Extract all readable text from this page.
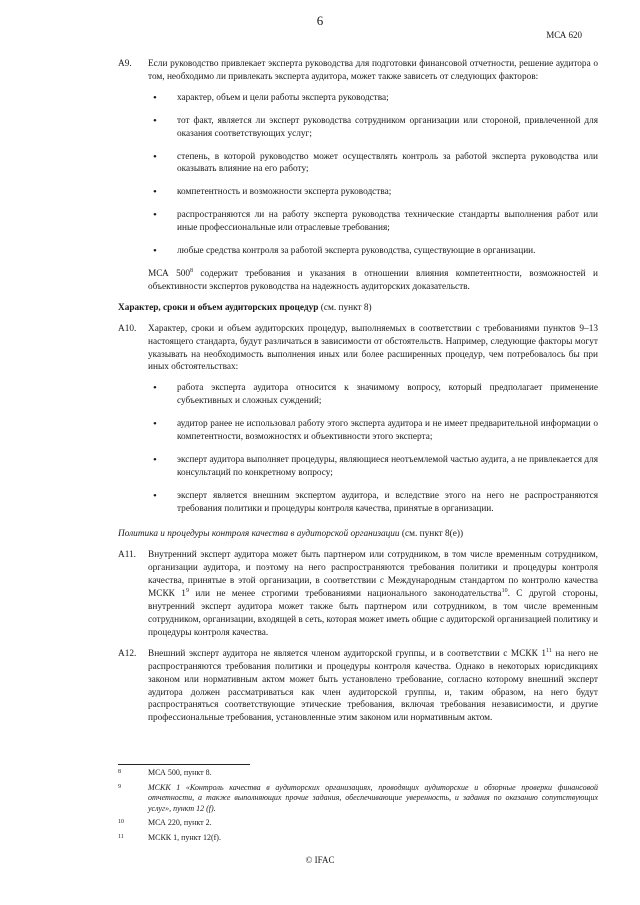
6
МСА 620
A9. Если руководство привлекает эксперта руководства для подготовки финансовой отчетности, решение аудитора о том, необходимо ли привлекать эксперта аудитора, может также зависеть от следующих факторов:

• характер, объем и цели работы эксперта руководства;
• тот факт, является ли эксперт руководства сотрудником организации или стороной, привлеченной для оказания соответствующих услуг;
• степень, в которой руководство может осуществлять контроль за работой эксперта руководства или оказывать влияние на его работу;
• компетентность и возможности эксперта руководства;
• распространяются ли на работу эксперта руководства технические стандарты выполнения работ или иные профессиональные или отраслевые требования;
• любые средства контроля за работой эксперта руководства, существующие в организации.

МСА $500^8$ содержит требования и указания в отношении влияния компетентности, возможностей и объективности экспертов руководства на надежность аудиторских доказательств.

Характер, сроки и объем аудиторских процедур (см. пункт 8)

A10. Характер, сроки и объем аудиторских процедур, выполняемых в соответствии с требованиями пунктов 9–13 настоящего стандарта, будут различаться в зависимости от обстоятельств. Например, следующие факторы могут указывать на необходимость выполнения иных или более расширенных процедур, чем потребовалось бы при иных обстоятельствах:

• работа эксперта аудитора относится к значимому вопросу, который предполагает применение субъективных и сложных суждений;
• аудитор ранее не использовал работу этого эксперта аудитора и не имеет предварительной информации о компетентности, возможностях и объективности этого эксперта;
• эксперт аудитора выполняет процедуры, являющиеся неотъемлемой частью аудита, а не привлекается для консультаций по конкретному вопросу;
• эксперт является внешним экспертом аудитора, и вследствие этого на него не распространяются требования политики и процедуры контроля качества, принятые в организации.

Политика и процедуры контроля качества в аудиторской организации (см. пункт 8(е))

A11. Внутренний эксперт аудитора может быть партнером или сотрудником, в том числе временным сотрудником, организации аудитора, и поэтому на него распространяются требования политики и процедуры контроля качества, принятые в этой организации, в соответствии с Международным стандартом по контролю качества МСКК $1^9$ или не менее строгими требованиями национального законодательства$^{10}$. С другой стороны, внутренний эксперт аудитора может также быть партнером или сотрудником, в том числе временным сотрудником, организации, входящей в сеть, которая может иметь общие с аудиторской организацией политику и процедуры контроля качества.

A12. Внешний эксперт аудитора не является членом аудиторской группы, и в соответствии с МСКК $1^{11}$ на него не распространяются требования политики и процедуры контроля качества. Однако в некоторых юрисдикциях законом или нормативным актом может быть установлено требование, согласно которому внешний эксперт аудитора должен рассматриваться как член аудиторской группы, и, таким образом, на него будут распространяться соответствующие этические требования, включая требования независимости, и другие профессиональные требования, установленные этим законом или нормативным актом.

8	МСА 500, пункт 8.
9	МСКК 1 «Контроль качества в аудиторских организациях, проводящих аудиторские и обзорные проверки финансовой отчетности, а также выполняющих прочие задания, обеспечивающие уверенность, и задания по оказанию сопутствующих услуг», пункт 12 (f).
10	МСА 220, пункт 2.
11	МСКК 1, пункт 12(f).
© IFAC
